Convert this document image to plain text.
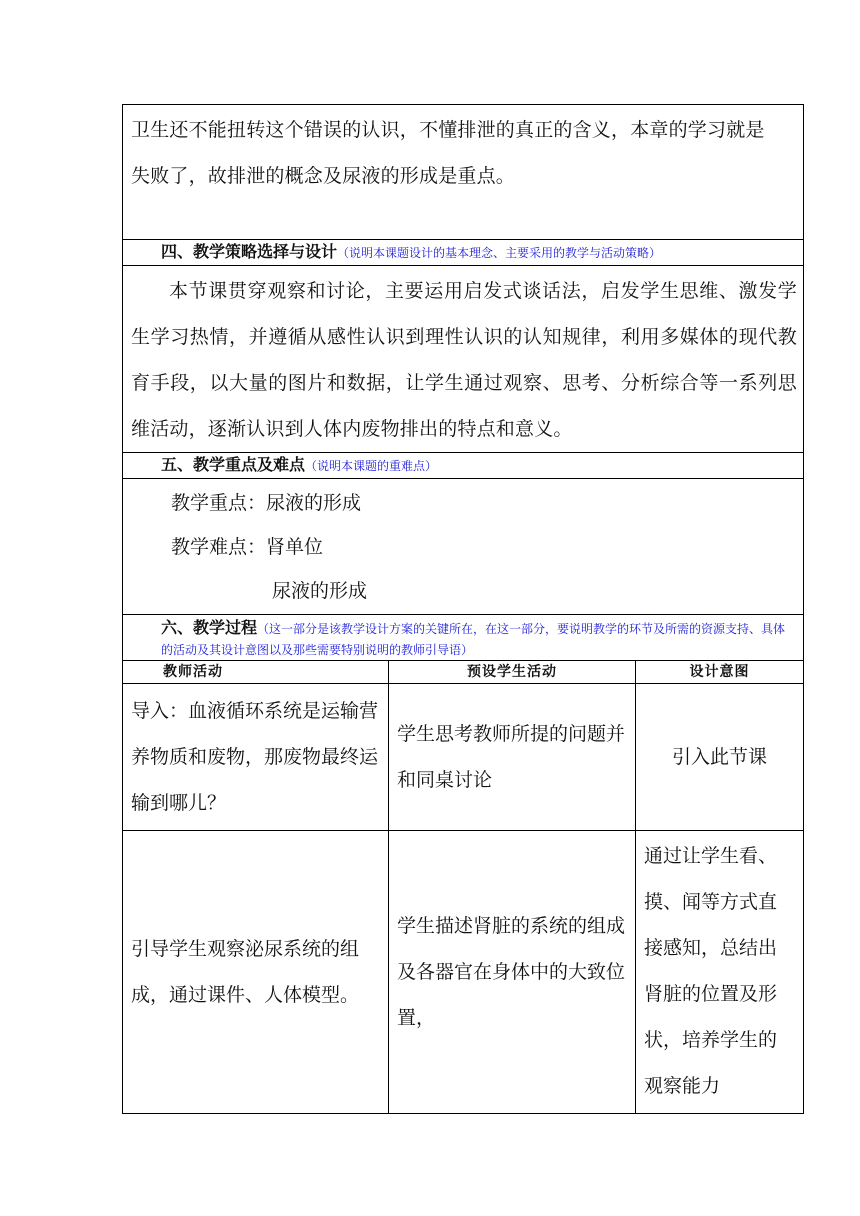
卫生还不能扭转这个错误的认识，不懂排泄的真正的含义，本章的学习就是

失败了，故排泄的概念及尿液的形成是重点。		

四、教学策略选择与设计（说明本课题设计的基本理念、主要采用的教学与活动策略）		

本节课贯穿观察和讨论，主要运用启发式谈话法，启发学生思维、激发学生学习热情，并遵循从感性认识到理性认识的认知规律，利用多媒体的现代教育手段，以大量的图片和数据，让学生通过观察、思考、分析综合等一系列思维活动，逐渐认识到人体内废物排出的特点和意义。		

五、教学重点及难点（说明本课题的重难点）		

教学重点：尿液的形成
教学难点：肾单位
尿液的形成		

六、教学过程（这一部分是该教学设计方案的关键所在，在这一部分，要说明教学的环节及所需的资源支持、具体的活动及其设计意图以及那些需要特别说明的教师引导语）		
教师活动	预设学生活动	设计意图
导入：血液循环系统是运输营养物质和废物，那废物最终运输到哪儿？	学生思考教师所提的问题并和同桌讨论	引入此节课
引导学生观察泌尿系统的组成，通过课件、人体模型。	学生描述肾脏的系统的组成及各器官在身体中的大致位置，	通过让学生看、摸、闻等方式直接感知，总结出肾脏的位置及形状，培养学生的观察能力
